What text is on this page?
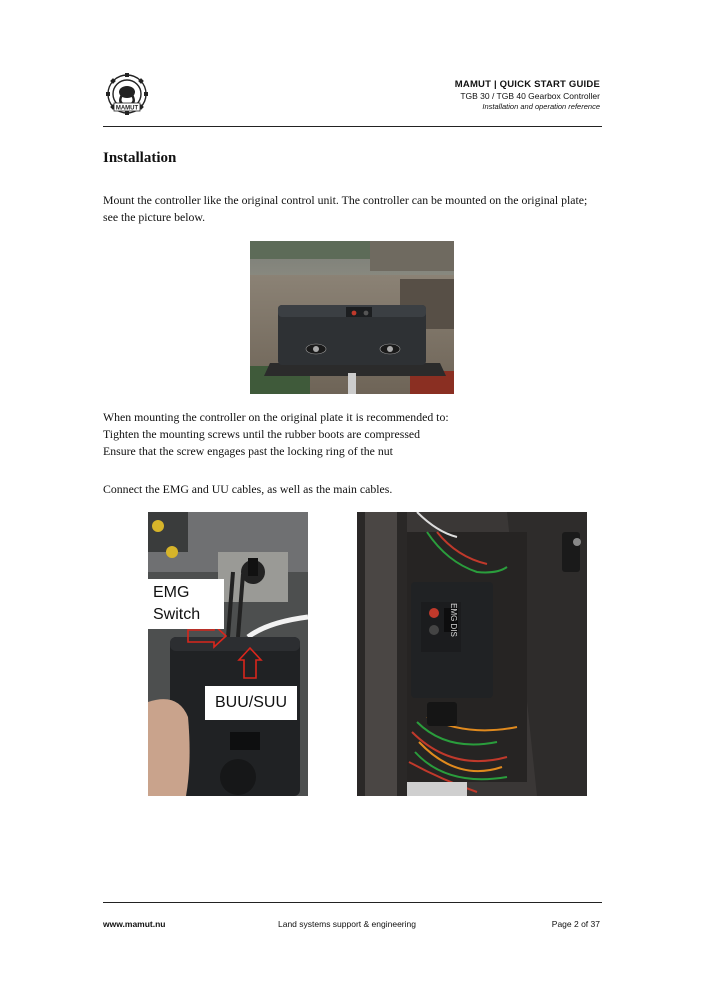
MAMUT
MAMUT | QUICK START GUIDE
TGB 30 / TGB 40 Gearbox Controller
Installation and operation reference
Installation
Mount the controller like the original control unit. The controller can be mounted on the original plate; see the picture below.
When mounting the controller on the original plate it is recommended to:
Tighten the mounting screws until the rubber boots are compressed
Ensure that the screw engages past the locking ring of the nut
Connect the EMG and UU cables, as well as the main cables.
EMG
Switch
BUU/SUU
EMG DIS
www.mamut.nu	Land systems support & engineering	Page 2 of 37
